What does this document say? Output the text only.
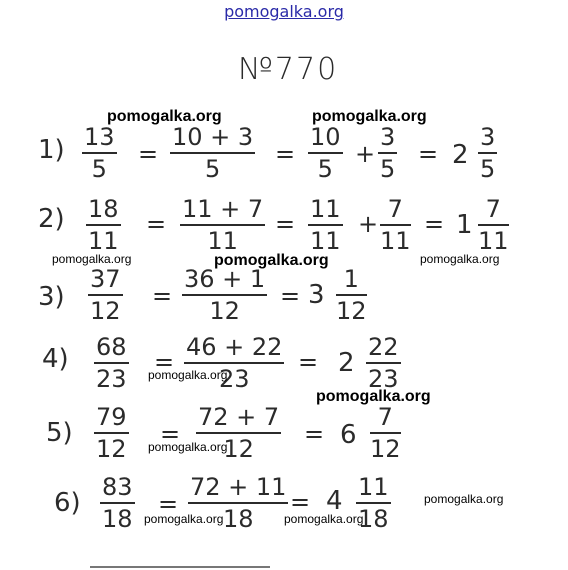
pomogalka.org
№770
1) 13
5
=
10 + 3
5
=
10
5
+
3
5
= 2
3
5
2) 18
11
=
11 + 7
11
=
11
11
+
7
11
= 1
7
11
3)
37
12
=
36 + 1
12
= 3
1
12
4) 68
23
=
46 + 22
23
= 2
22
23
5)
79
12
=
72 + 7
12
= 6
7
12
6)
83
18
=
72 + 11
18
= 4 11
18
pomogalka.org	pomogalka.org
pomogalka.org	pomogalka.org	pomogalka.org
pomogalka.org
pomogalka.org
pomogalka.org
pomogalka.org
pomogalka.org	pomogalka.org
